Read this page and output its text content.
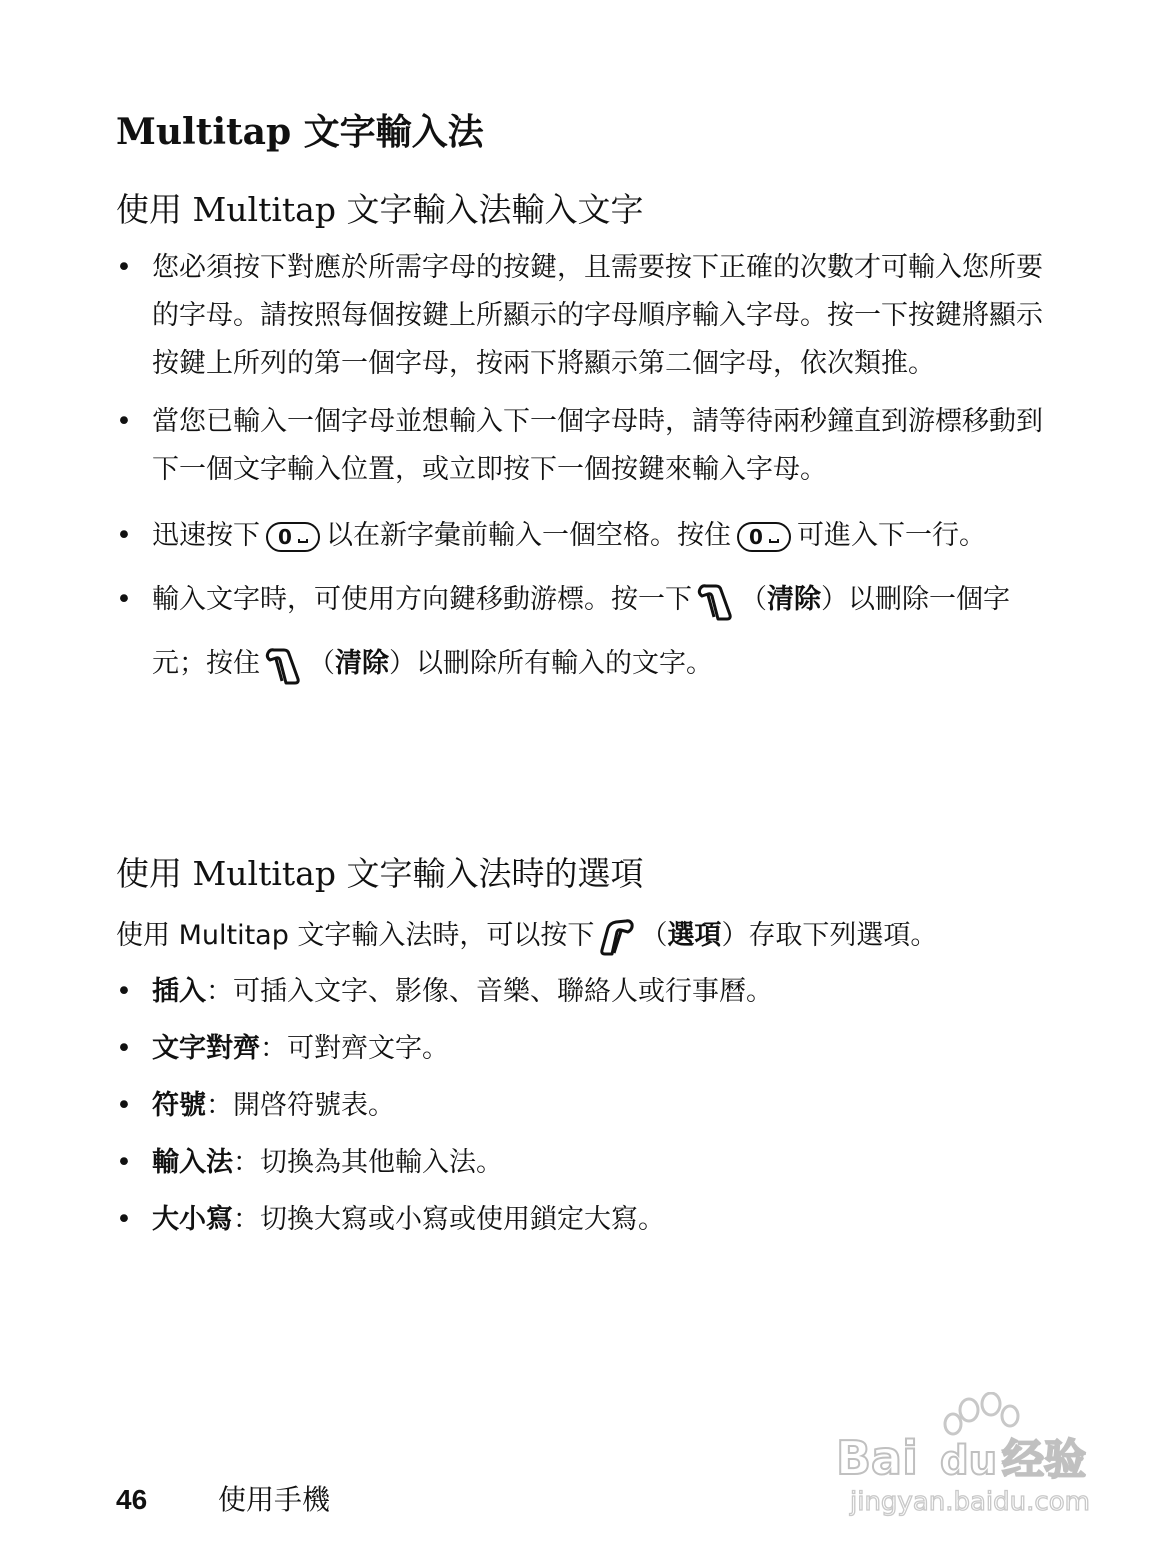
Multitap 文字輸入法
使用 Multitap 文字輸入法輸入文字
• 您必須按下對應於所需字母的按鍵，且需要按下正確的次數才可輸入您所要的字母。請按照每個按鍵上所顯示的字母順序輸入字母。按一下按鍵將顯示按鍵上所列的第一個字母，按兩下將顯示第二個字母，依次類推。
• 當您已輸入一個字母並想輸入下一個字母時，請等待兩秒鐘直到游標移動到下一個文字輸入位置，或立即按下一個按鍵來輸入字母。
• 迅速按下 0 以在新字彙前輸入一個空格。按住 0 可進入下一行。
• 輸入文字時，可使用方向鍵移動游標。按一下 （清除）以刪除一個字元；按住 （清除）以刪除所有輸入的文字。
使用 Multitap 文字輸入法時的選項

使用 Multitap 文字輸入法時，可以按下 （選項）存取下列選項。

• 插入：可插入文字、影像、音樂、聯絡人或行事曆。
• 文字對齊：可對齊文字。
• 符號：開啓符號表。
• 輸入法：切換為其他輸入法。
• 大小寫：切換大寫或小寫或使用鎖定大寫。
46	使用手機
Bai du 经验
jingyan.baidu.com
